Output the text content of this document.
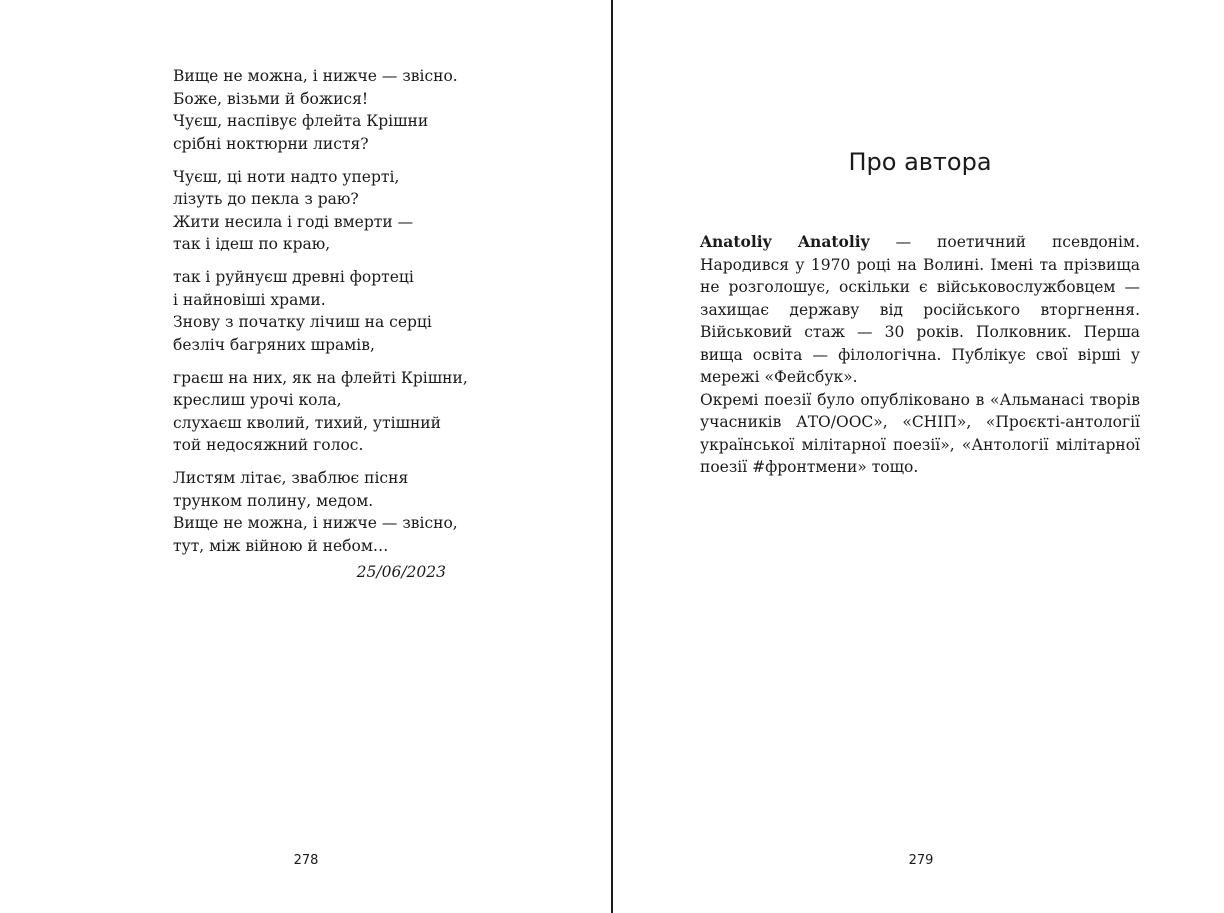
Вище не можна, і нижче — звісно.
Боже, візьми й божися!
Чуєш, наспівує флейта Крішни
срібні ноктюрни листя?
Чуєш, ці ноти надто уперті,
лізуть до пекла з раю?
Жити несила і годі вмерти —
так і ідеш по краю,
так і руйнуєш древні фортеці
і найновіші храми.
Знову з початку лічиш на серці
безліч багряних шрамів,
граєш на них, як на флейті Крішни,
креслиш урочі кола,
слухаєш кволий, тихий, утішний
той недосяжний голос.
Листям літає, зваблює пісня
трунком полину, медом.
Вище не можна, і нижче — звісно,
тут, між війною й небом…
25/06/2023
278
Про автора

Anatoliy Anatoliy — поетичний псевдонім. Народився у 1970 році на Волині. Імені та прізвища не розголошує, оскільки є військовослужбовцем — захищає державу від російського вторгнення. Військовий стаж — 30 років. Полковник. Перша вища освіта — філологічна. Публікує свої вірші у мережі «Фейсбук».

Окремі поезії було опубліковано в «Альманасі творів учасників АТО/ООС», «СНІП», «Проєкті-антології української мілітарної поезії», «Антології мілітарної поезії #фронтмени» тощо.

279
